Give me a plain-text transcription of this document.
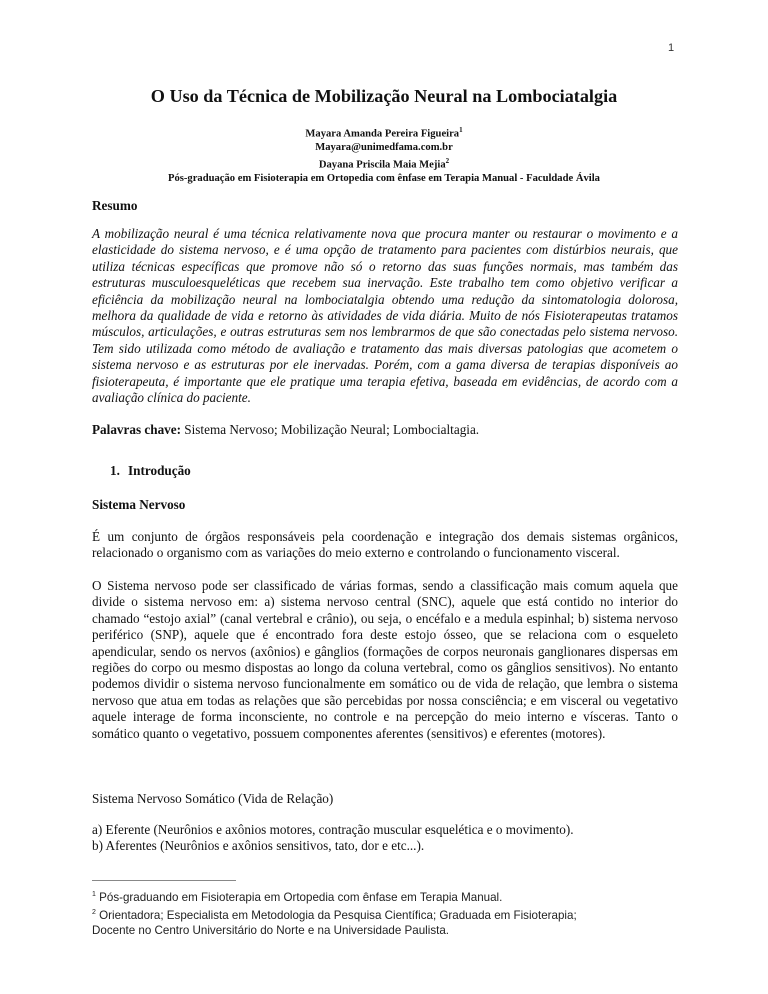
1
O Uso da Técnica de Mobilização Neural na Lombociatalgia
Mayara Amanda Pereira Figueira$^1$
Mayara@unimedfama.com.br
Dayana Priscila Maia Mejia$^2$
Pós-graduação em Fisioterapia em Ortopedia com ênfase em Terapia Manual - Faculdade Ávila
Resumo
A mobilização neural é uma técnica relativamente nova que procura manter ou restaurar o movimento e a elasticidade do sistema nervoso, e é uma opção de tratamento para pacientes com distúrbios neurais, que utiliza técnicas específicas que promove não só o retorno das suas funções normais, mas também das estruturas musculoesqueléticas que recebem sua inervação. Este trabalho tem como objetivo verificar a eficiência da mobilização neural na lombociatalgia obtendo uma redução da sintomatologia dolorosa, melhora da qualidade de vida e retorno às atividades de vida diária. Muito de nós Fisioterapeutas tratamos músculos, articulações, e outras estruturas sem nos lembrarmos de que são conectadas pelo sistema nervoso. Tem sido utilizada como método de avaliação e tratamento das mais diversas patologias que acometem o sistema nervoso e as estruturas por ele inervadas. Porém, com a gama diversa de terapias disponíveis ao fisioterapeuta, é importante que ele pratique uma terapia efetiva, baseada em evidências, de acordo com a avaliação clínica do paciente.
Palavras chave: Sistema Nervoso; Mobilização Neural; Lombocialtagia.
1. Introdução
Sistema Nervoso
É um conjunto de órgãos responsáveis pela coordenação e integração dos demais sistemas orgânicos, relacionado o organismo com as variações do meio externo e controlando o funcionamento visceral.
O Sistema nervoso pode ser classificado de várias formas, sendo a classificação mais comum aquela que divide o sistema nervoso em: a) sistema nervoso central (SNC), aquele que está contido no interior do chamado “estojo axial” (canal vertebral e crânio), ou seja, o encéfalo e a medula espinhal; b) sistema nervoso periférico (SNP), aquele que é encontrado fora deste estojo ósseo, que se relaciona com o esqueleto apendicular, sendo os nervos (axônios) e gânglios (formações de corpos neuronais ganglionares dispersas em regiões do corpo ou mesmo dispostas ao longo da coluna vertebral, como os gânglios sensitivos). No entanto podemos dividir o sistema nervoso funcionalmente em somático ou de vida de relação, que lembra o sistema nervoso que atua em todas as relações que são percebidas por nossa consciência; e em visceral ou vegetativo aquele interage de forma inconsciente, no controle e na percepção do meio interno e vísceras. Tanto o somático quanto o vegetativo, possuem componentes aferentes (sensitivos) e eferentes (motores).
Sistema Nervoso Somático (Vida de Relação)
a) Eferente (Neurônios e axônios motores, contração muscular esquelética e o movimento).
b) Aferentes (Neurônios e axônios sensitivos, tato, dor e etc...).
$^1$ Pós-graduando em Fisioterapia em Ortopedia com ênfase em Terapia Manual.
$^2$ Orientadora; Especialista em Metodologia da Pesquisa Científica; Graduada em Fisioterapia;
Docente no Centro Universitário do Norte e na Universidade Paulista.
